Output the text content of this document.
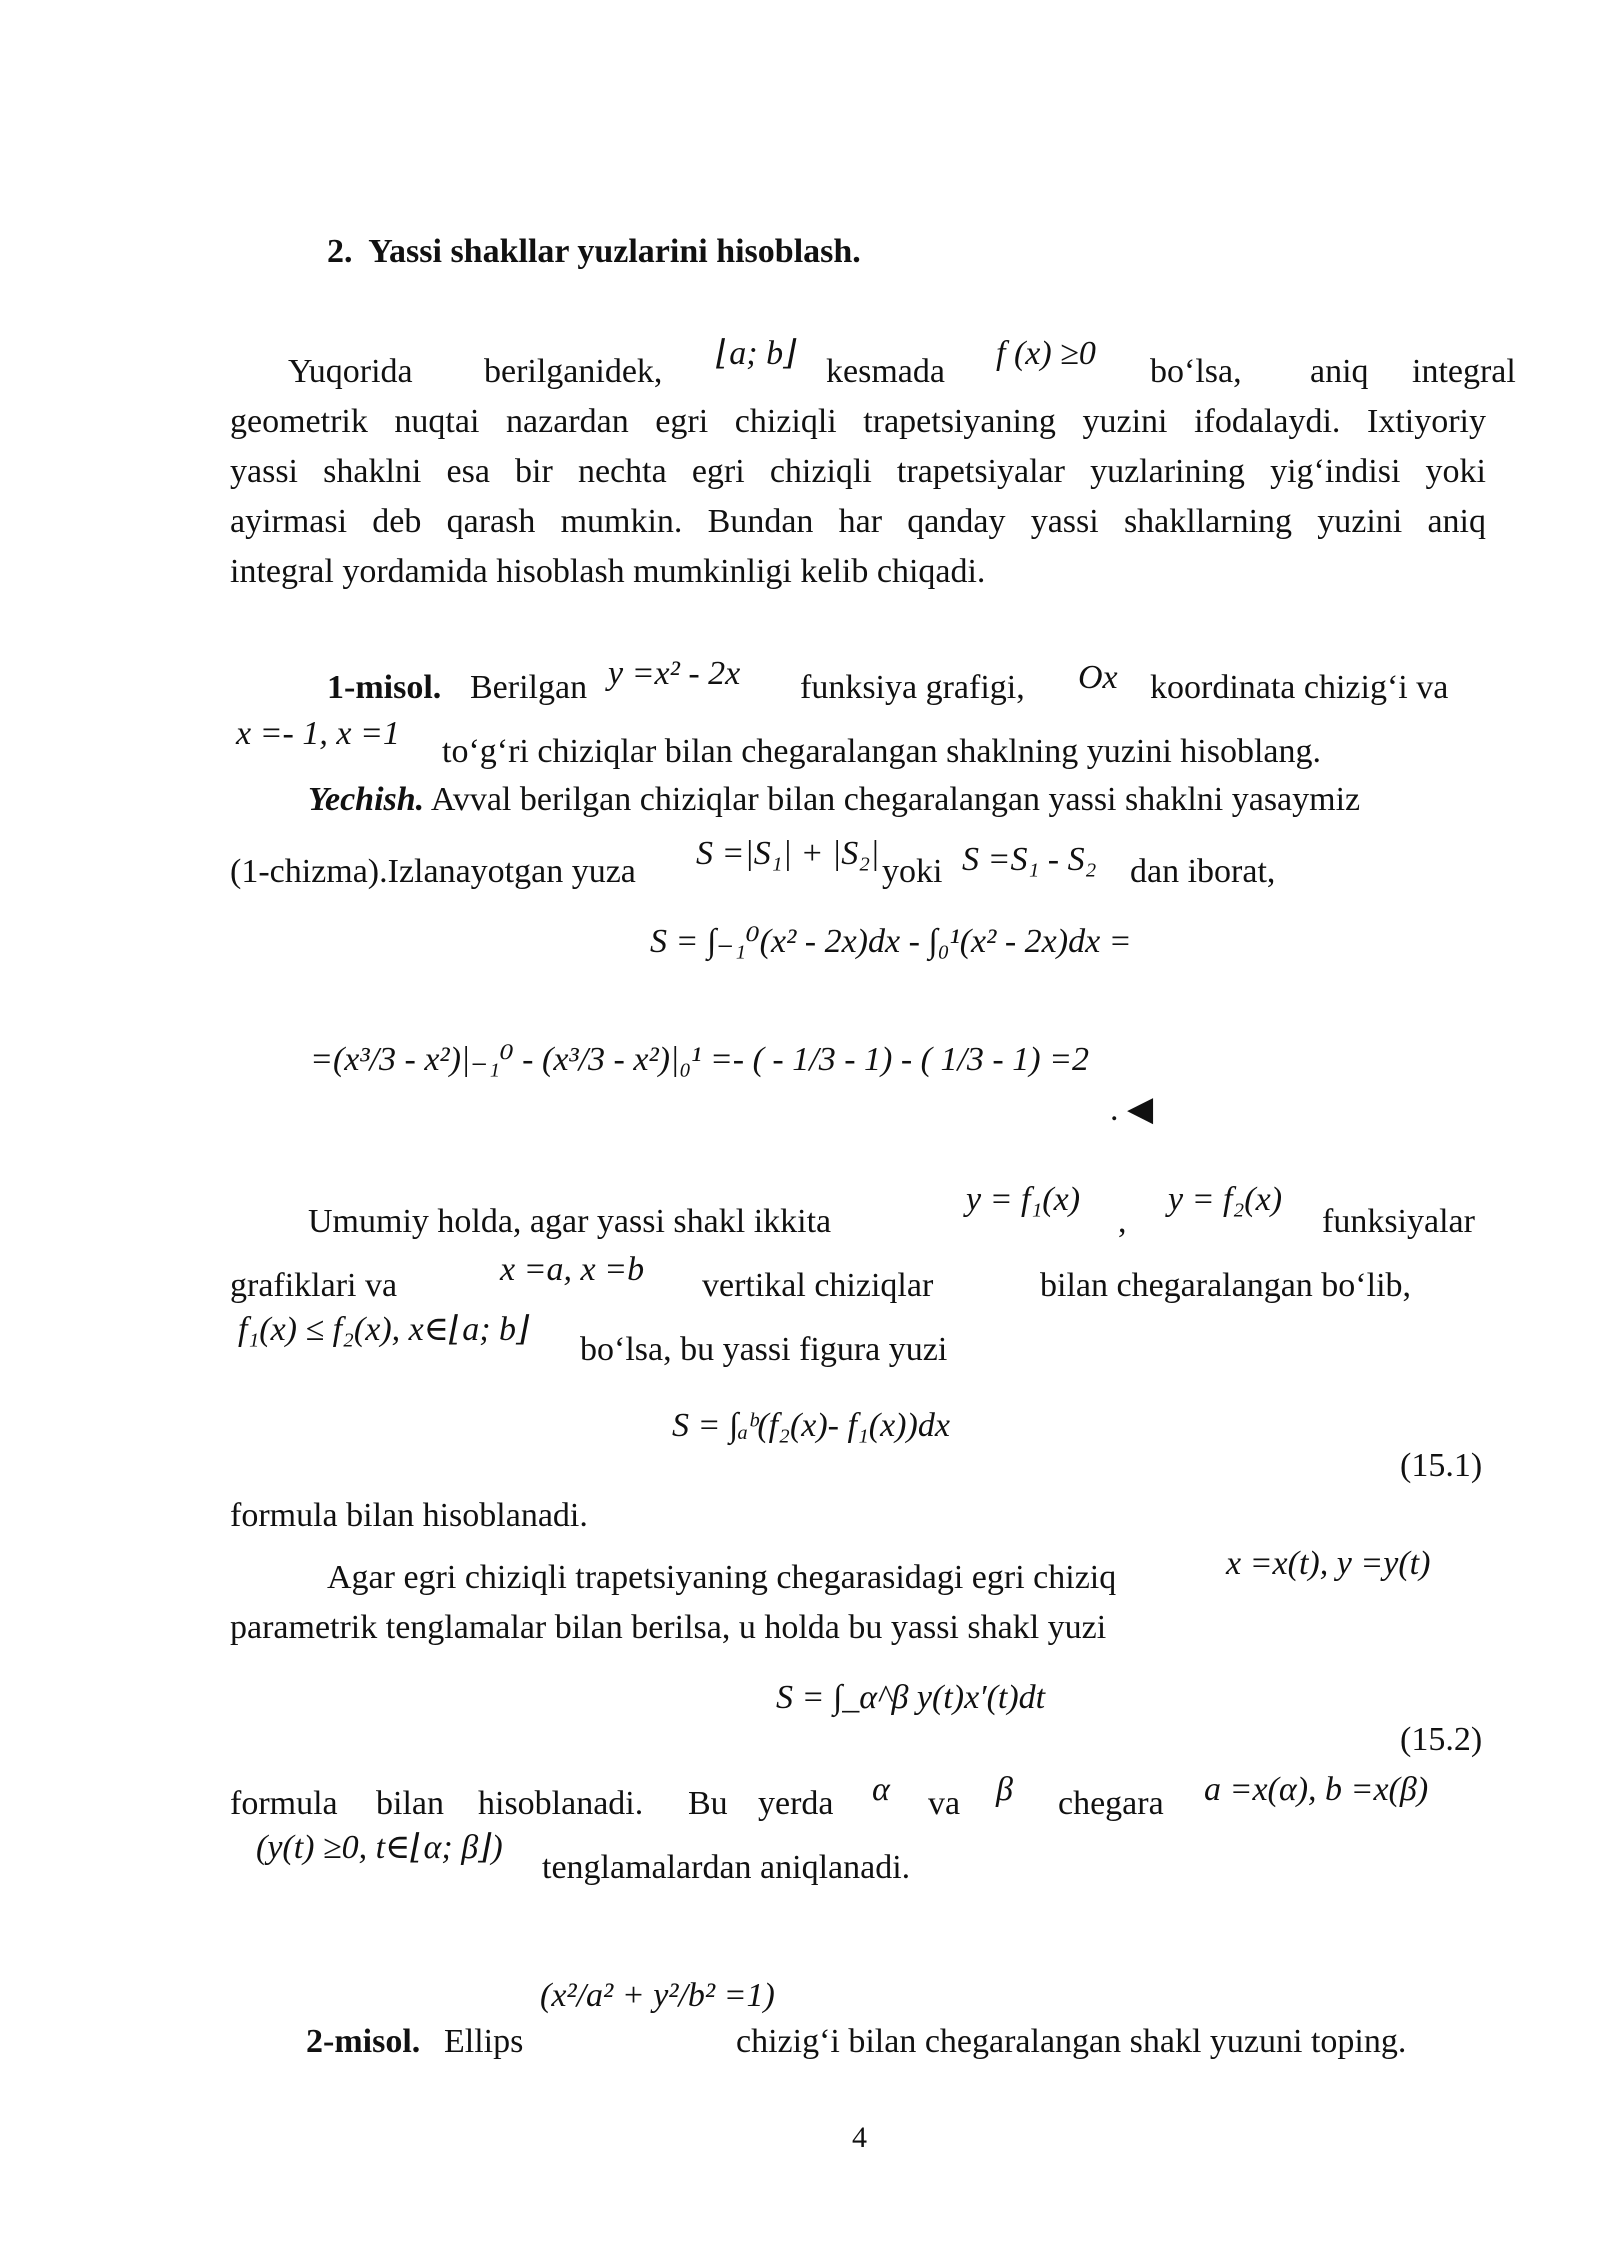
2. Yassi shakllar yuzlarini hisoblash.
Yuqorida berilganidek, ⌊a; b⌋ kesmada f (x) ≥0 bo‘lsa, aniq integral
geometrik nuqtai nazardan egri chiziqli trapetsiyaning yuzini ifodalaydi. Ixtiyoriy
yassi shaklni esa bir nechta egri chiziqli trapetsiyalar yuzlarining yig‘indisi yoki
ayirmasi deb qarash mumkin. Bundan har qanday yassi shakllarning yuzini aniq
integral yordamida hisoblash mumkinligi kelib chiqadi.
1-misol. Berilgan y =x² - 2x funksiya grafigi, Ox koordinata chizig‘i va
x =- 1, x =1 to‘g‘ri chiziqlar bilan chegaralangan shaklning yuzini hisoblang.
Yechish. Avval berilgan chiziqlar bilan chegaralangan yassi shaklni yasaymiz
(1-chizma).Izlanayotgan yuza S =|S₁| + |S₂| yoki S =S₁ - S₂ dan iborat,
S = ∫₋₁⁰(x² - 2x)dx - ∫₀¹(x² - 2x)dx =
=(x³/3 - x²)|₋₁⁰ - (x³/3 - x²)|₀¹ =- ( - 1/3 - 1) - ( 1/3 - 1) =2
. ◀
Umumiy holda, agar yassi shakl ikkita
y = f₁(x)
,
y = f₂(x)
funksiyalar
grafiklari va	x =a, x =b vertikal chiziqlar	bilan chegaralangan bo‘lib,
f₁(x) ≤ f₂(x), x∈⌊a; b⌋
bo‘lsa, bu yassi figura yuzi
S = ∫ₐᵇ(f₂(x)- f₁(x))dx
(15.1)
formula bilan hisoblanadi.
Agar egri chiziqli trapetsiyaning chegarasidagi egri chiziq	x =x(t), y =y(t)
parametrik tenglamalar bilan berilsa, u holda bu yassi shakl yuzi
S = ∫_α^β y(t)x′(t)dt
(15.2)
formula bilan hisoblanadi. Bu yerda α va β chegara a =x(α), b =x(β)
(y(t) ≥0, t∈⌊α; β⌋)
tenglamalardan aniqlanadi.
2-misol. Ellips
(x²/a² + y²/b² =1)
chizig‘i bilan chegaralangan shakl yuzuni toping.
4
